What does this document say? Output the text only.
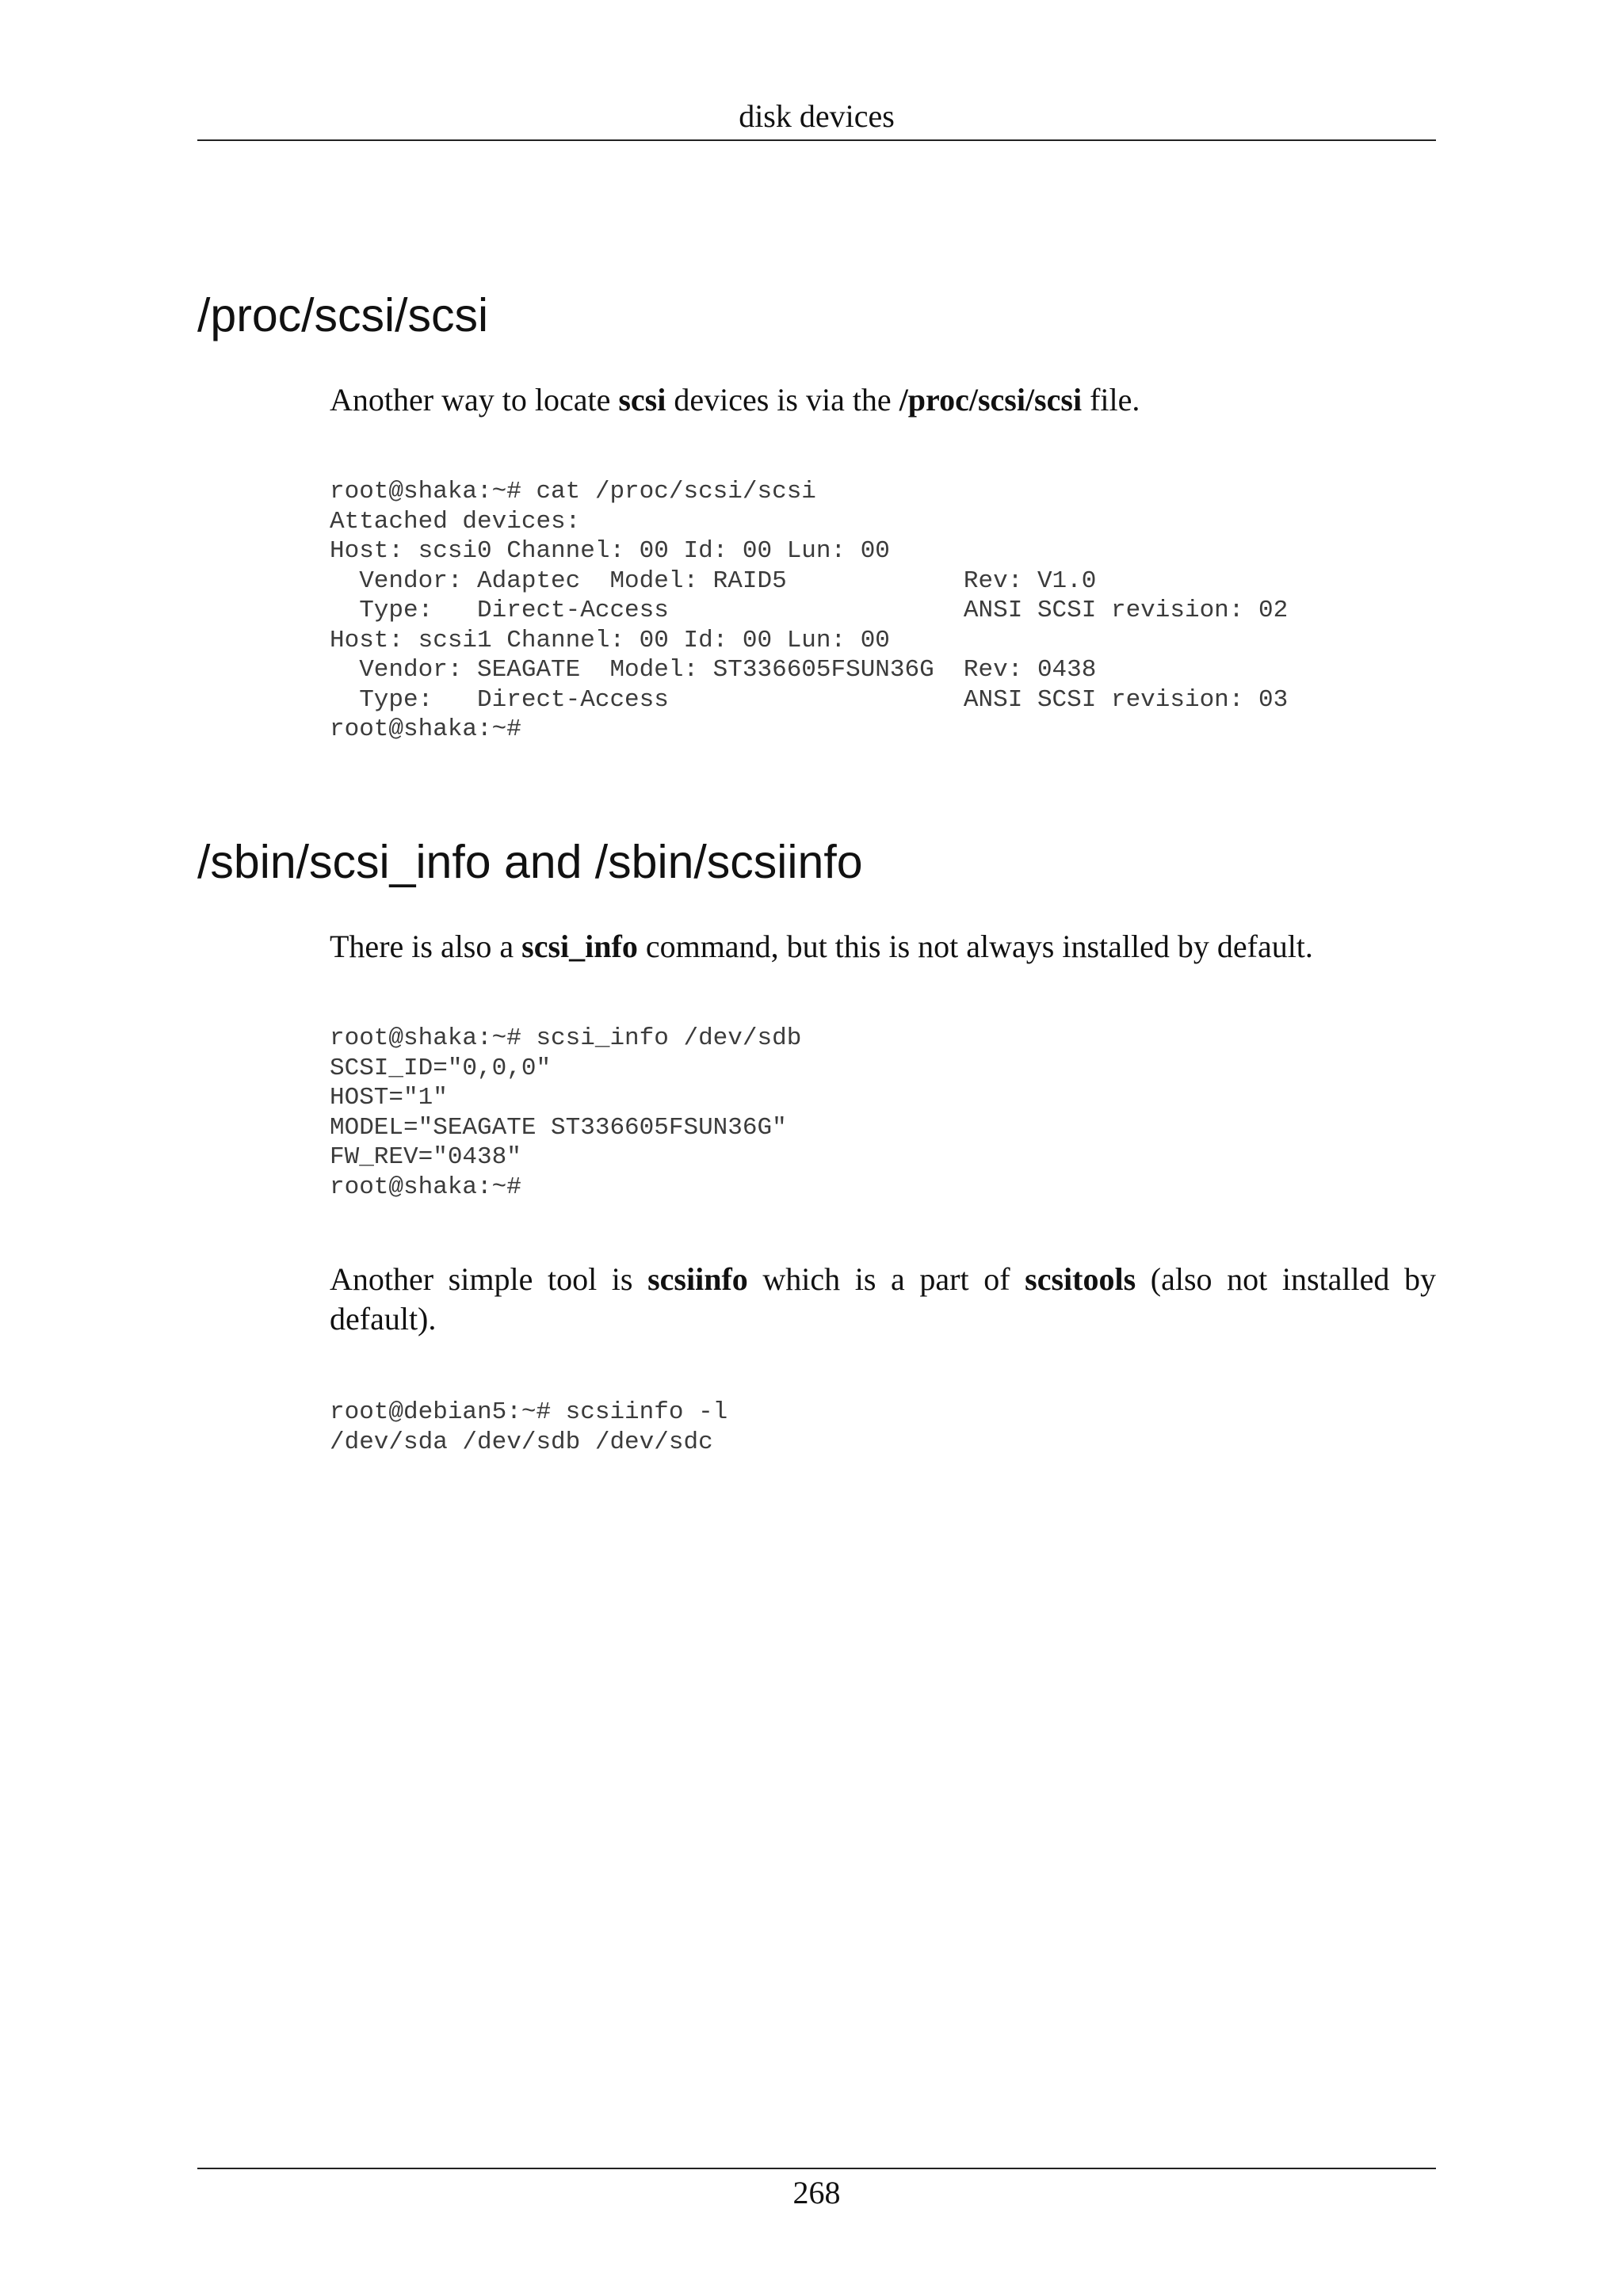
disk devices
/proc/scsi/scsi

Another way to locate scsi devices is via the /proc/scsi/scsi file.

root@shaka:~# cat /proc/scsi/scsi
Attached devices:
Host: scsi0 Channel: 00 Id: 00 Lun: 00
Vendor: Adaptec  Model: RAID5            Rev: V1.0
Type:   Direct-Access                    ANSI SCSI revision: 02
Host: scsi1 Channel: 00 Id: 00 Lun: 00
Vendor: SEAGATE  Model: ST336605FSUN36G  Rev: 0438
Type:   Direct-Access                    ANSI SCSI revision: 03
root@shaka:~#
/sbin/scsi_info and /sbin/scsiinfo

There is also a scsi_info command, but this is not always installed by default.

root@shaka:~# scsi_info /dev/sdb
SCSI_ID="0,0,0"
HOST="1"
MODEL="SEAGATE ST336605FSUN36G"
FW_REV="0438"
root@shaka:~#

Another simple tool is scsiinfo which is a part of scsitools (also not installed by default).

root@debian5:~# scsiinfo -l
/dev/sda /dev/sdb /dev/sdc
268
